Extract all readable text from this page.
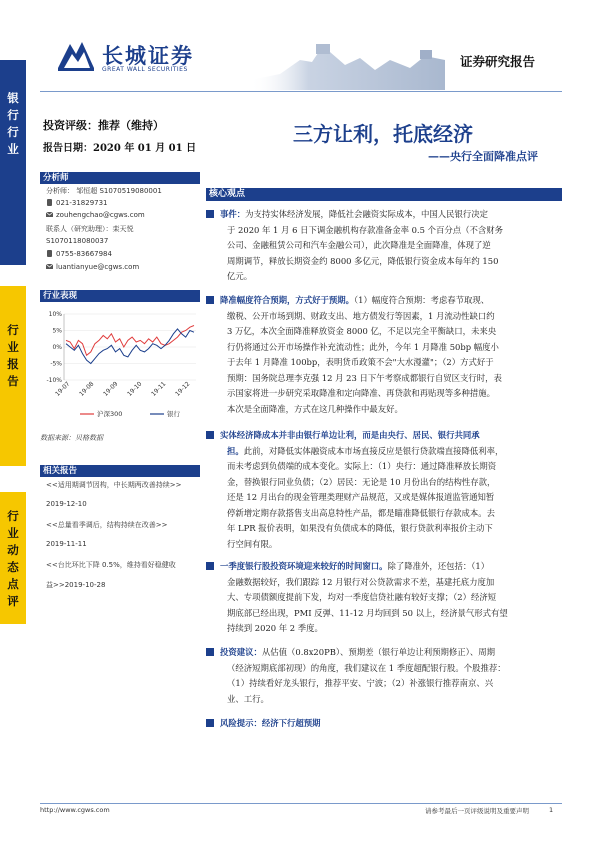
银
行
行
业
行
业
报
告
行
业
动
态
点
评
长城证券
GREAT WALL SECURITIES
证券研究报告
投资评级：推荐（维持）
报告日期：2020 年 01 月 01 日
三方让利，托底经济
——央行全面降准点评
分析师
分析师： 邹恒超 S1070519080001
021-31829731
zouhengchao@cgws.com
联系人（研究助理）：栾天悦
S1070118080037
0755-83667984
luantianyue@cgws.com
行业表现
10%
5%
0%
-5%
-10%
19-07 19-08 19-09 19-10 19-11 19-12
沪深300	银行
数据来源：贝格数据
相关报告
<<适用期调节因构，中长期两改善持续>>
2019-12-10
<<总量看季调后，结构持续在改善>>
2019-11-11
<<台比环比下降 0.5%，维持看好稳健收
益>>2019-10-28
核心观点
事件：为支持实体经济发展，降低社会融资实际成本，中国人民银行决定
于 2020 年 1 月 6 日下调金融机构存款准备金率 0.5 个百分点（不含财务
公司、金融租赁公司和汽车金融公司），此次降准是全面降准，体现了逆
周期调节，释放长期资金约 8000 多亿元，降低银行资金成本每年约 150
亿元。
降准幅度符合预期，方式好于预期。（1）幅度符合预期：考虑春节取现、
缴税、公开市场到期、财政支出、地方债发行等因素，1 月流动性缺口约
3 万亿，本次全面降准释放资金 8000 亿，不足以完全平衡缺口，未来央
行仍将通过公开市场操作补充流动性；此外，今年 1 月降准 50bp 幅度小
于去年 1 月降准 100bp，表明货币政策不会"大水漫灌"；（2）方式好于
预期：国务院总理李克强 12 月 23 日下午考察成都银行自贸区支行时，表
示国家将进一步研究采取降准和定向降准、再贷款和再贴现等多种措施。
本次是全面降准，方式在这几种操作中最友好。
实体经济降成本并非由银行单边让利，而是由央行、居民、银行共同承
担。此前，对降低实体融资成本市场直接反应是银行贷款端直接降低利率，
而未考虑到负债端的成本变化。实际上：（1）央行：通过降准释放长期资
金，替换银行同业负债；（2）居民：无论是 10 月份出台的结构性存款，
还是 12 月出台的现金管理类理财产品规范，又或是媒体报道监管通知暂
停新增定期存款搭售支出高息特性产品，都是瞄准降低银行存款成本。去
年 LPR 报价表明，如果没有负债成本的降低，银行贷款利率报价主动下
行空间有限。
一季度银行股投资环境迎来较好的时间窗口。除了降准外，还包括：（1）
金融数据较好，我们跟踪 12 月银行对公贷款需求不差，基建托底力度加
大、专项债额度提前下发，均对一季度信贷社融有较好支撑；（2）经济短
期底部已经出现，PMI 反弹、11-12 月均回到 50 以上，经济景气形式有望
持续到 2020 年 2 季度。
投资建议：从估值（0.8x20PB）、预期差（银行单边让利预期修正）、周期
（经济短期底部初现）的角度，我们建议在 1 季度超配银行股。个股推荐：
（1）持续看好龙头银行，推荐平安、宁波；（2）补涨银行推荐南京、兴
业、工行。
风险提示：经济下行超预期
http://www.cgws.com	请参考最后一页评级说明及重要声明	1
